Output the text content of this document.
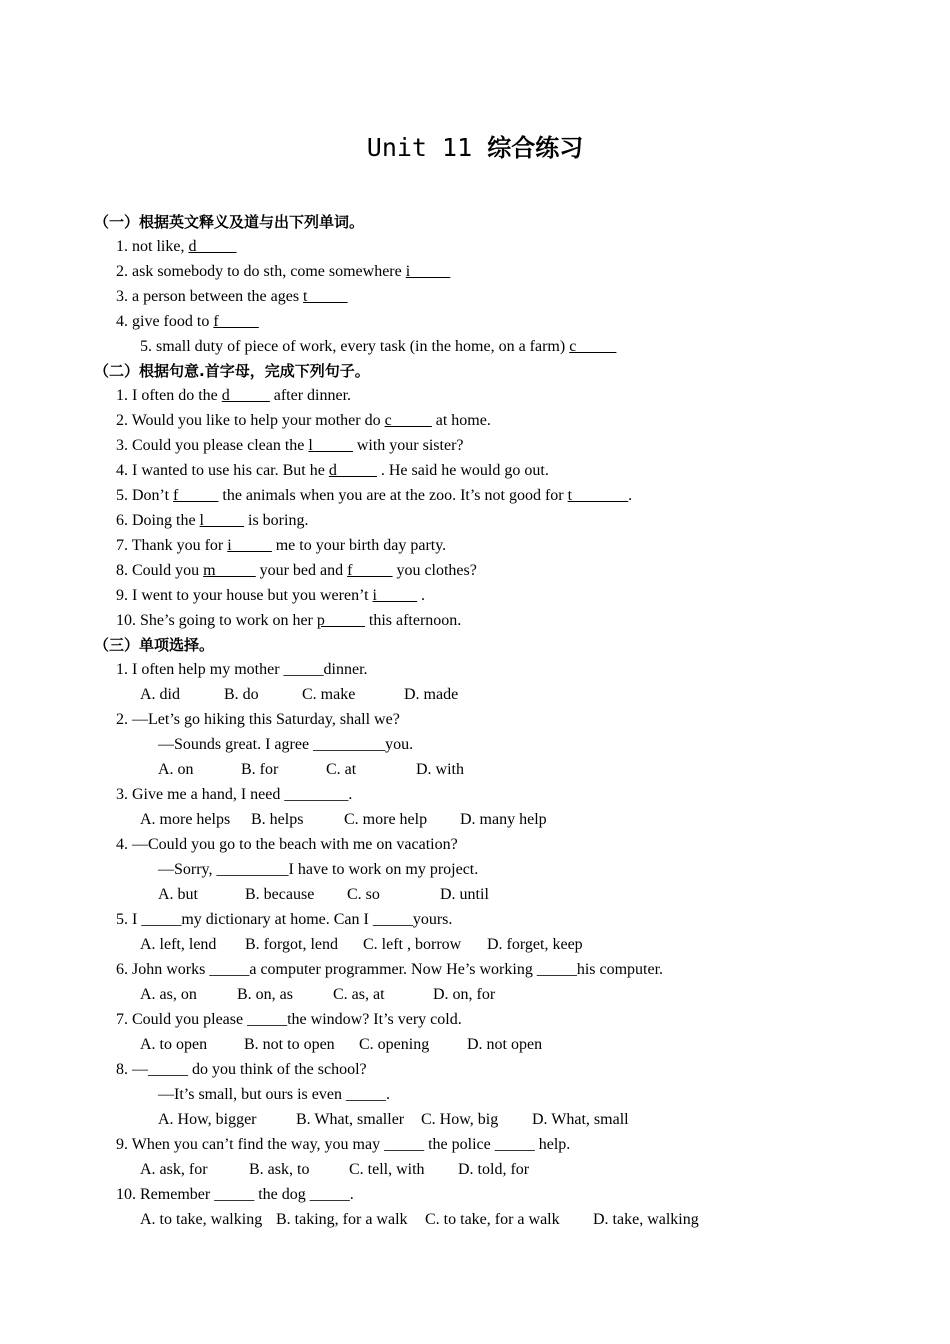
Unit 11 综合练习
（一）根据英文释义及道与出下列单词。
1. not like, d_____
2. ask somebody to do sth, come somewhere i_____
3. a person between the ages t_____
4. give food to f_____
5. small duty of piece of work, every task (in the home, on a farm) c_____
（二）根据句意.首字母，完成下列句子。
1. I often do the d_____ after dinner.
2. Would you like to help your mother do c_____ at home.
3. Could you please clean the l_____ with your sister?
4. I wanted to use his car. But he d_____ . He said he would go out.
5. Don’t f_____ the animals when you are at the zoo. It’s not good for t_______.
6. Doing the l_____ is boring.
7. Thank you for i_____ me to your birth day party.
8. Could you m_____ your bed and f_____ you clothes?
9. I went to your house but you weren’t i_____ .
10. She’s going to work on her p_____ this afternoon.
（三）单项选择。
1. I often help my mother _____dinner.

A. did

	B. do

	C. make

	D. made

2. —Let’s go hiking this Saturday, shall we?
—Sounds great. I agree _________you.

A. on

	B. for

	C. at

	D. with

3. Give me a hand, I need ________.

A. more helps

B. helps

	C. more help

D. many help

4. —Could you go to the beach with me on vacation?
—Sorry, _________I have to work on my project.

A. but

	B. because

C. so

	D. until

5. I _____my dictionary at home. Can I _____yours.

A. left, lend

B. forgot, lend

C. left , borrow

D. forget, keep

6. John works _____a computer programmer. Now He’s working _____his computer.

A. as, on

	B. on, as

	C. as, at

	D. on, for

7. Could you please _____the window? It’s very cold.

A. to open

B. not to open

C. opening

D. not open

8. —_____ do you think of the school?
—It’s small, but ours is even _____.

A. How, bigger

B. What, smaller

C. How, big

D. What, small

9. When you can’t find the way, you may _____ the police _____ help.

A. ask, for

	B. ask, to

C. tell, with

D. told, for

10. Remember _____ the dog _____.

A. to take, walking

B. taking, for a walk

C. to take, for a walk

D. take, walking
